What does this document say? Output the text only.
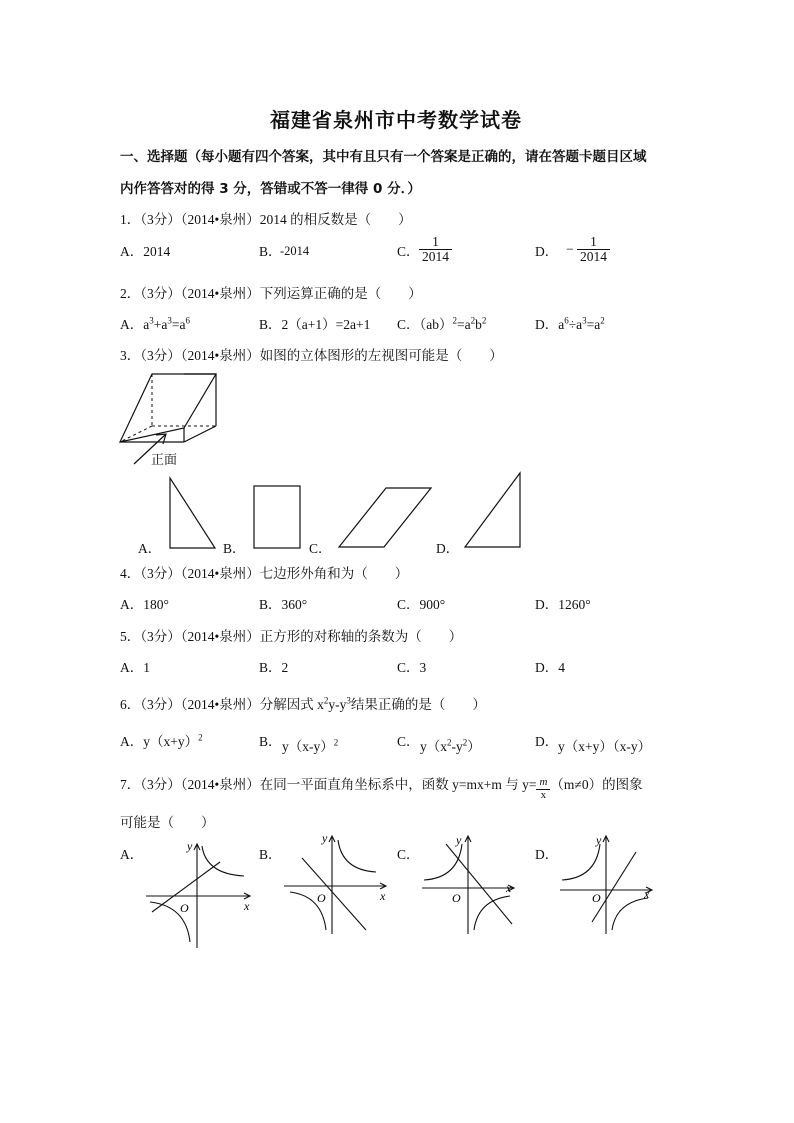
福建省泉州市中考数学试卷
一、选择题（每小题有四个答案，其中有且只有一个答案是正确的，请在答题卡题目区域
内作答答对的得 3 分，答错或不答一律得 0 分．）
1．（3分）（2014•泉州）2014 的相反数是（　　）
A．2014	B．
-2014	C． $\frac{1}{2014}$	D． − $\frac{1}{2014}$
2．（3分）（2014•泉州）下列运算正确的是（　　）
A．$a^3+a^3=a^6$	B．2（a+1）=2a+1 C．$(ab)^2=a^2b^2$	D．$a^6\div a^3=a^2$
3．（3分）（2014•泉州）如图的立体图形的左视图可能是（　　）
正面
A．	B．	C．	D．
4．（3分）（2014•泉州）七边形外角和为（　　）
A．180°	B．360°	C．900°	D．1260°
5．（3分）（2014•泉州）正方形的对称轴的条数为（　　）
A．1	B．2	C．3	D．4
6．（3分）（2014•泉州）分解因式 $x^2y-y^3$结果正确的是（　　）
A．$y(x+y)^2$	B． $y(x-y)^2$	C． $y(x^2-y^2)$	D． y（x+y）（x-y）
7．（3分）（2014•泉州）在同一平面直角坐标系中，函数 y=mx+m 与 $y= \frac{m}{x} (m\ne 0)$的图象
可能是（　　）
A．	B．	C．	D．
y
x
O
y
x
O
y
x
O
y
x
O
